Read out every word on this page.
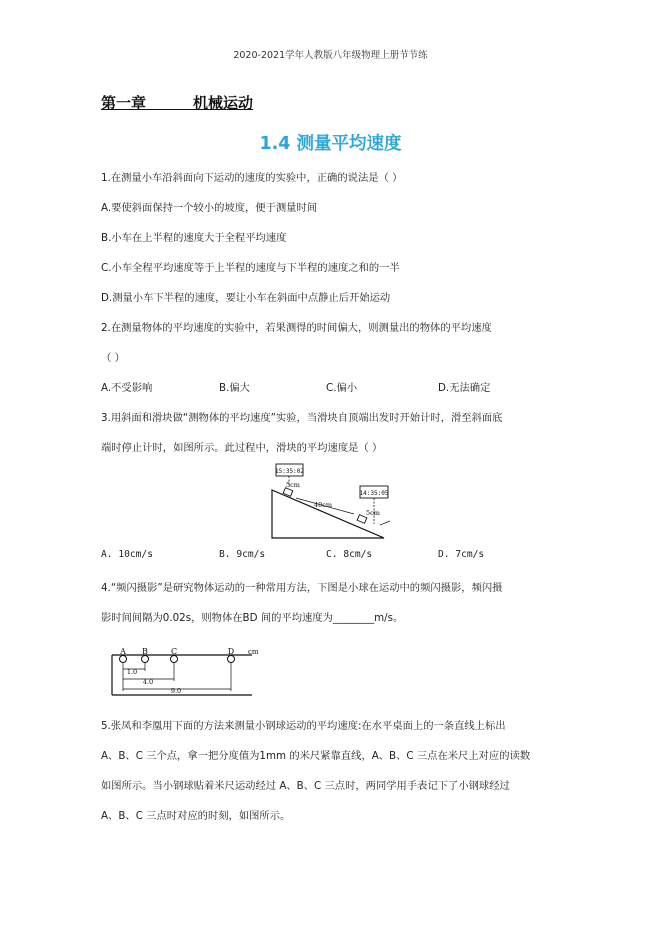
2020-2021学年人教版八年级物理上册节节练
第一章	机械运动
1.4 测量平均速度
1.在测量小车沿斜面向下运动的速度的实验中，正确的说法是（ ）
A.要使斜面保持一个较小的坡度，便于测量时间
B.小车在上半程的速度大于全程平均速度
C.小车全程平均速度等于上半程的速度与下半程的速度之和的一半
D.测量小车下半程的速度，要让小车在斜面中点静止后开始运动
2.在测量物体的平均速度的实验中，若果测得的时间偏大，则测量出的物体的平均速度
（ ）
A.不受影响	B.偏大	C.偏小	D.无法确定
3.用斜面和滑块做“测物体的平均速度”实验，当滑块自顶端出发时开始计时，滑至斜面底
端时停止计时，如图所示。此过程中，滑块的平均速度是（ ）
15:35:02
5cm
40cm
14:35:05
5cm
A. 10cm/s	B. 9cm/s	C. 8cm/s	D. 7cm/s
4.“频闪摄影”是研究物体运动的一种常用方法，下图是小球在运动中的频闪摄影，频闪摄
影时间间隔为0.02s，则物体在BD 间的平均速度为________m/s。
A B	C	D cm
1.0
4.0
9.0
5.张凤和李凰用下面的方法来测量小钢球运动的平均速度:在水平桌面上的一条直线上标出
A、B、C 三个点，拿一把分度值为1mm 的米尺紧靠直线，A、B、C 三点在米尺上对应的读数
如图所示。当小钢球贴着米尺运动经过 A、B、C 三点时，两同学用手表记下了小钢球经过
A、B、C 三点时对应的时刻，如图所示。
